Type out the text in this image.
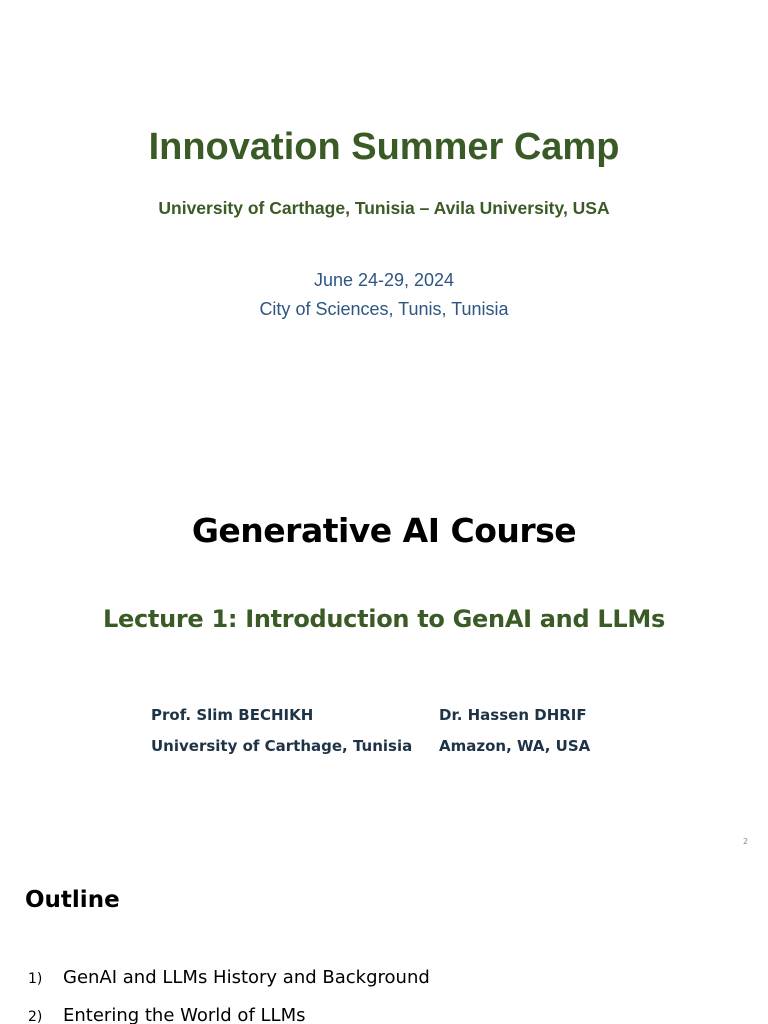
Innovation Summer Camp
University of Carthage, Tunisia – Avila University, USA
June 24-29, 2024
City of Sciences, Tunis, Tunisia
Generative AI Course
Lecture 1: Introduction to GenAI and LLMs
Prof. Slim BECHIKH
University of Carthage, Tunisia
Dr. Hassen DHRIF
Amazon, WA, USA
2
Outline
1) GenAI and LLMs History and Background
2) Entering the World of LLMs
